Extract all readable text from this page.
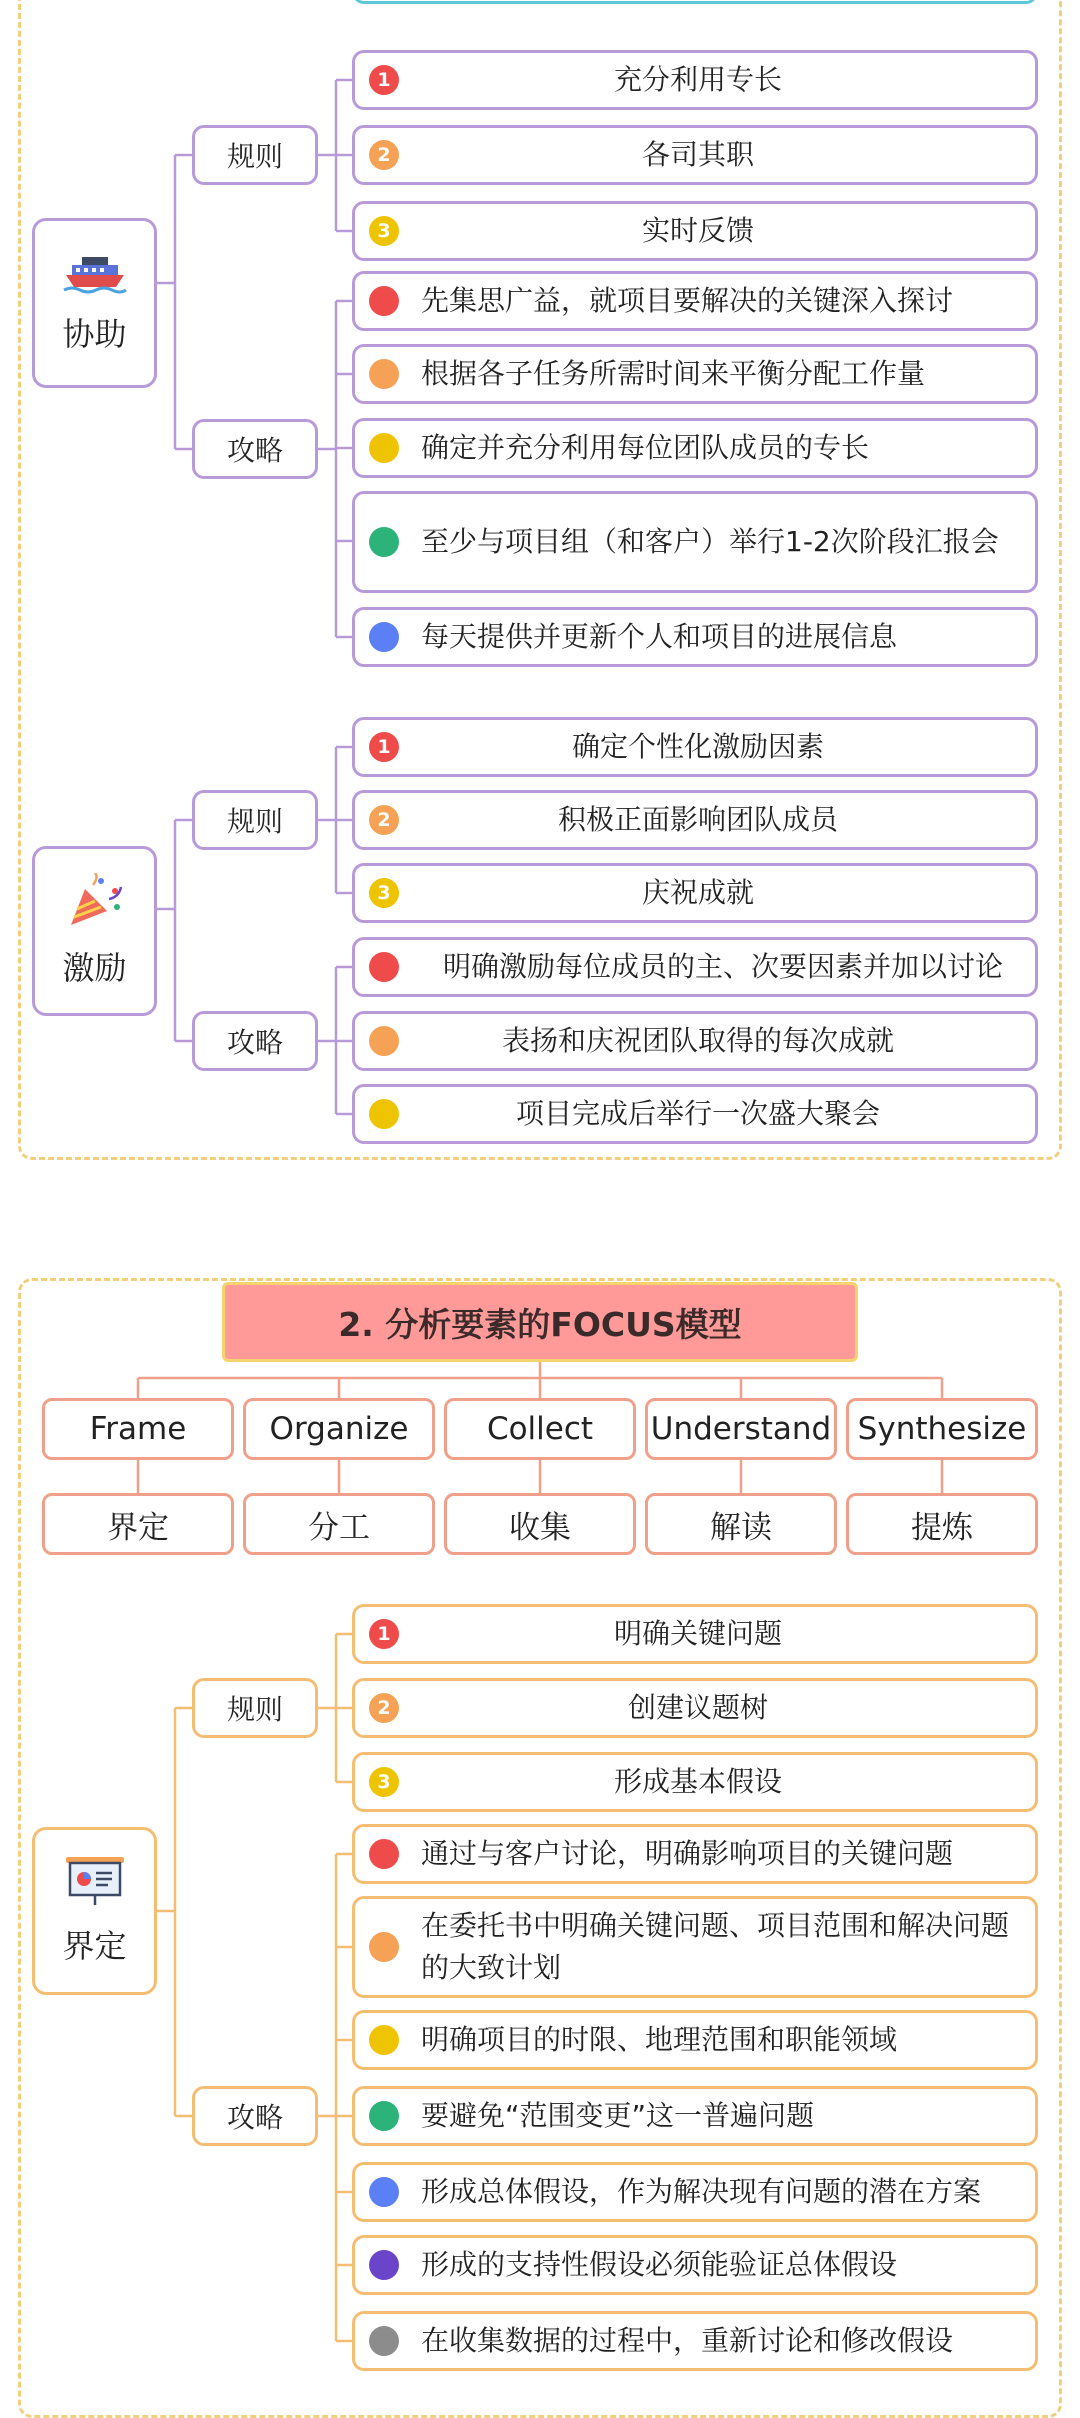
协助
规则
攻略
1	充分利用专长
2	各司其职
3	实时反馈
先集思广益，就项目要解决的关键深入探讨
根据各子任务所需时间来平衡分配工作量
确定并充分利用每位团队成员的专长
至少与项目组（和客户）举行1-2次阶段汇报会
每天提供并更新个人和项目的进展信息
激励
规则
攻略
1	确定个性化激励因素
2	积极正面影响团队成员
3	庆祝成就
明确激励每位成员的主、次要因素并加以讨论
表扬和庆祝团队取得的每次成就
项目完成后举行一次盛大聚会
2. 分析要素的FOCUS模型
Frame	Organize	Collect	Understand Synthesize
界定	分工	收集	解读	提炼
界定
规则
攻略
1	明确关键问题
2	创建议题树
3	形成基本假设
通过与客户讨论，明确影响项目的关键问题
在委托书中明确关键问题、项目范围和解决问题的大致计划
明确项目的时限、地理范围和职能领域
要避免“范围变更”这一普遍问题
形成总体假设，作为解决现有问题的潜在方案
形成的支持性假设必须能验证总体假设
在收集数据的过程中，重新讨论和修改假设
